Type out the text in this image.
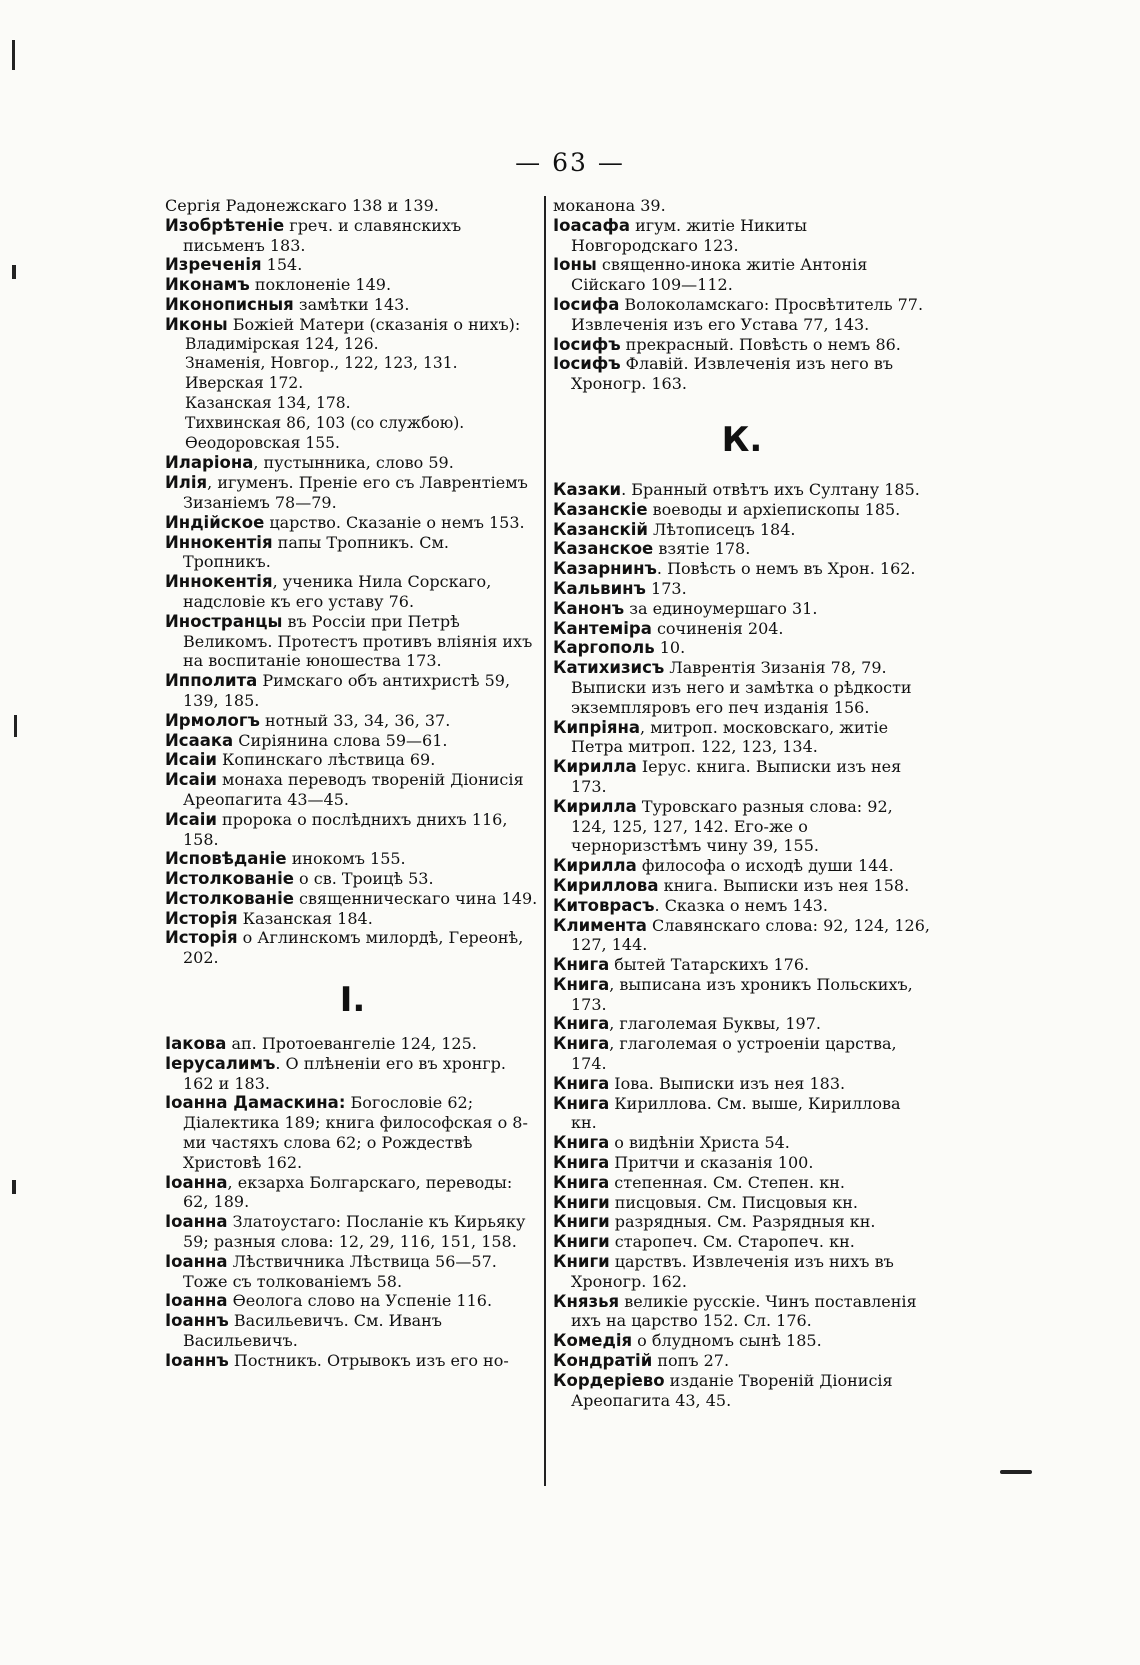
— 63 —

Сергія Радонежскаго 138 и 139.

Изобрѣтеніе греч. и славянскихъ письменъ 183.

Изреченія 154.

Иконамъ поклоненіе 149.

Иконописныя замѣтки 143.

Иконы Божіей Матери (сказанія о нихъ):

Владимірская 124, 126.

Знаменія, Новгор., 122, 123, 131.

Иверская 172.

Казанская 134, 178.

Тихвинская 86, 103 (со службою).

Ѳеодоровская 155.

Иларіона, пустынника, слово 59.

Илія, игуменъ. Преніе его съ Лаврентіемъ Зизаніемъ 78—79.

Индійское царство. Сказаніе о немъ 153.

Иннокентія папы Тропникъ. См. Тропникъ.

Иннокентія, ученика Нила Сорскаго, надсловіе къ его уставу 76.

Иностранцы въ Россіи при Петрѣ Великомъ. Протестъ противъ вліянія ихъ на воспитаніе юношества 173.

Ипполита Римскаго объ антихристѣ 59, 139, 185.

Ирмологъ нотный 33, 34, 36, 37.

Исаака Сиріянина слова 59—61.

Исаіи Копинскаго лѣствица 69.

Исаіи монаха переводъ твореній Діонисія Ареопагита 43—45.

Исаіи пророка о послѣднихъ днихъ 116, 158.

Исповѣданіе инокомъ 155.

Истолкованіе о св. Троицѣ 53.

Истолкованіе священническаго чина 149.

Исторія Казанская 184.

Исторія о Аглинскомъ милордѣ, Гереонѣ, 202.

I.

Іакова ап. Протоевангеліе 124, 125.

Іерусалимъ. О плѣненіи его въ хронгр. 162 и 183.

Іоанна Дамаскина: Богословіе 62; Діалектика 189; книга философская о 8-ми частяхъ слова 62; о Рождествѣ Христовѣ 162.

Іоанна, екзарха Болгарскаго, переводы: 62, 189.

Іоанна Златоустаго: Посланіе къ Кирьяку 59; разныя слова: 12, 29, 116, 151, 158.

Іоанна Лѣствичника Лѣствица 56—57. Тоже съ толкованіемъ 58.

Іоанна Ѳеолога слово на Успеніе 116.

Іоаннъ Васильевичъ. См. Иванъ Васильевичъ.

Іоаннъ Постникъ. Отрывокъ изъ его но-

моканона 39.

Іоасафа игум. житіе Никиты Новгородскаго 123.

Іоны священно-инока житіе Антонія Сійскаго 109—112.

Іосифа Волоколамскаго: Просвѣтитель 77. Извлеченія изъ его Устава 77, 143.

Іосифъ прекрасный. Повѣсть о немъ 86.

Іосифъ Флавій. Извлеченія изъ него въ Хроногр. 163.

К.

Казаки. Бранный отвѣтъ ихъ Султану 185.

Казанскіе воеводы и архіепископы 185.

Казанскій Лѣтописецъ 184.

Казанское взятіе 178.

Казарнинъ. Повѣсть о немъ въ Хрон. 162.

Кальвинъ 173.

Канонъ за единоумершаго 31.

Кантеміра сочиненія 204.

Каргополь 10.

Катихизисъ Лаврентія Зизанія 78, 79. Выписки изъ него и замѣтка о рѣдкости экземпляровъ его печ изданія 156.

Кипріяна, митроп. московскаго, житіе Петра митроп. 122, 123, 134.

Кирилла Іерус. книга. Выписки изъ нея 173.

Кирилла Туровскаго разныя слова: 92, 124, 125, 127, 142. Его-же о черноризстѣмъ чину 39, 155.

Кирилла философа о исходѣ души 144.

Кириллова книга. Выписки изъ нея 158.

Китоврасъ. Сказка о немъ 143.

Климента Славянскаго слова: 92, 124, 126, 127, 144.

Книга бытей Татарскихъ 176.

Книга, выписана изъ хроникъ Польскихъ, 173.

Книга, глаголемая Буквы, 197.

Книга, глаголемая о устроеніи царства, 174.

Книга Іова. Выписки изъ нея 183.

Книга Кириллова. См. выше, Кириллова кн.

Книга о видѣніи Христа 54.

Книга Притчи и сказанія 100.

Книга степенная. См. Степен. кн.

Книги писцовыя. См. Писцовыя кн.

Книги разрядныя. См. Разрядныя кн.

Книги старопеч. См. Старопеч. кн.

Книги царствъ. Извлеченія изъ нихъ въ Хроногр. 162.

Князья великіе русскіе. Чинъ поставленія ихъ на царство 152. Сл. 176.

Комедія о блудномъ сынѣ 185.

Кондратій попъ 27.

Кордеріево изданіе Твореній Діонисія Ареопагита 43, 45.
